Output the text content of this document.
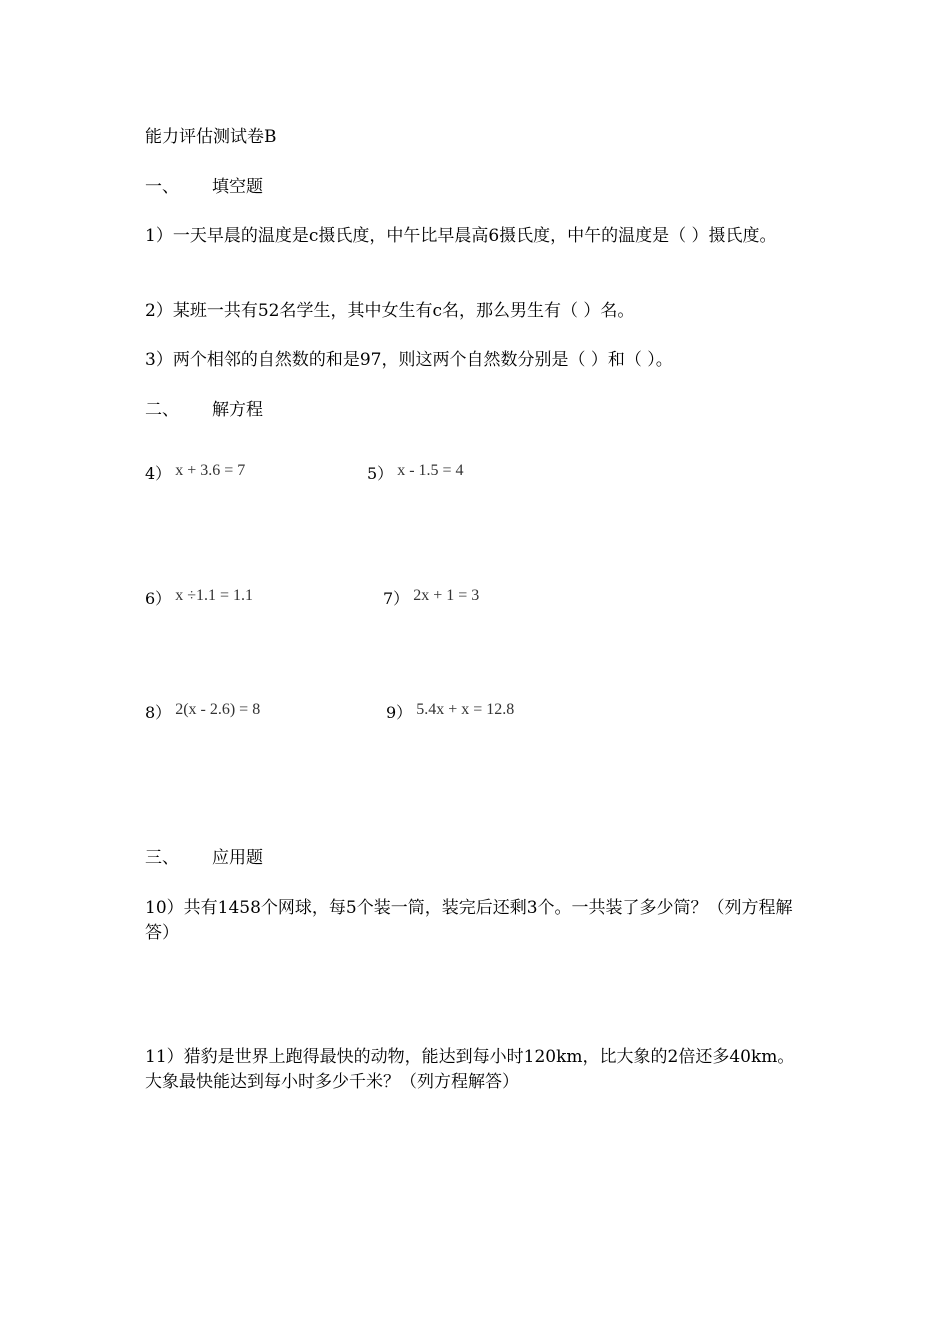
能力评估测试卷B
一、 填空题
1）一天早晨的温度是c摄氏度，中午比早晨高6摄氏度，中午的温度是（ ）摄氏度。
2）某班一共有52名学生，其中女生有c名，那么男生有（ ）名。
3）两个相邻的自然数的和是97，则这两个自然数分别是（ ）和（ ）。
二、 解方程
4） x + 3.6 = 7	5） x - 1.5 = 4
6） x ÷1.1 = 1.1	7） 2x + 1 = 3
8） 2(x - 2.6) = 8	9） 5.4x + x = 12.8
三、 应用题
10）共有1458个网球，每5个装一筒，装完后还剩3个。一共装了多少筒？（列方程解答）
11）猎豹是世界上跑得最快的动物，能达到每小时120km，比大象的2倍还多40km。大象最快能达到每小时多少千米？（列方程解答）
